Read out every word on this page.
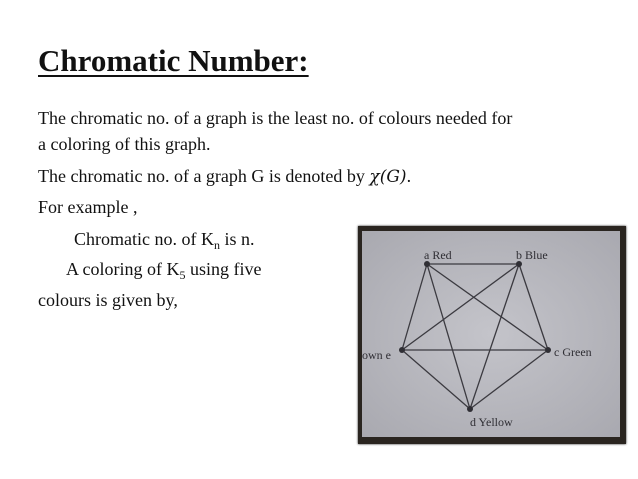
Chromatic Number:

The chromatic no. of a graph is the least no. of colours needed for

a coloring of this graph.

The chromatic no. of a graph G is denoted by χ(G).

For example ,

Chromatic no. of $K_n$ is n.

A coloring of $K_5$ using five

colours is given by,

a Red	b Blue
c Green
d Yellow
own e
